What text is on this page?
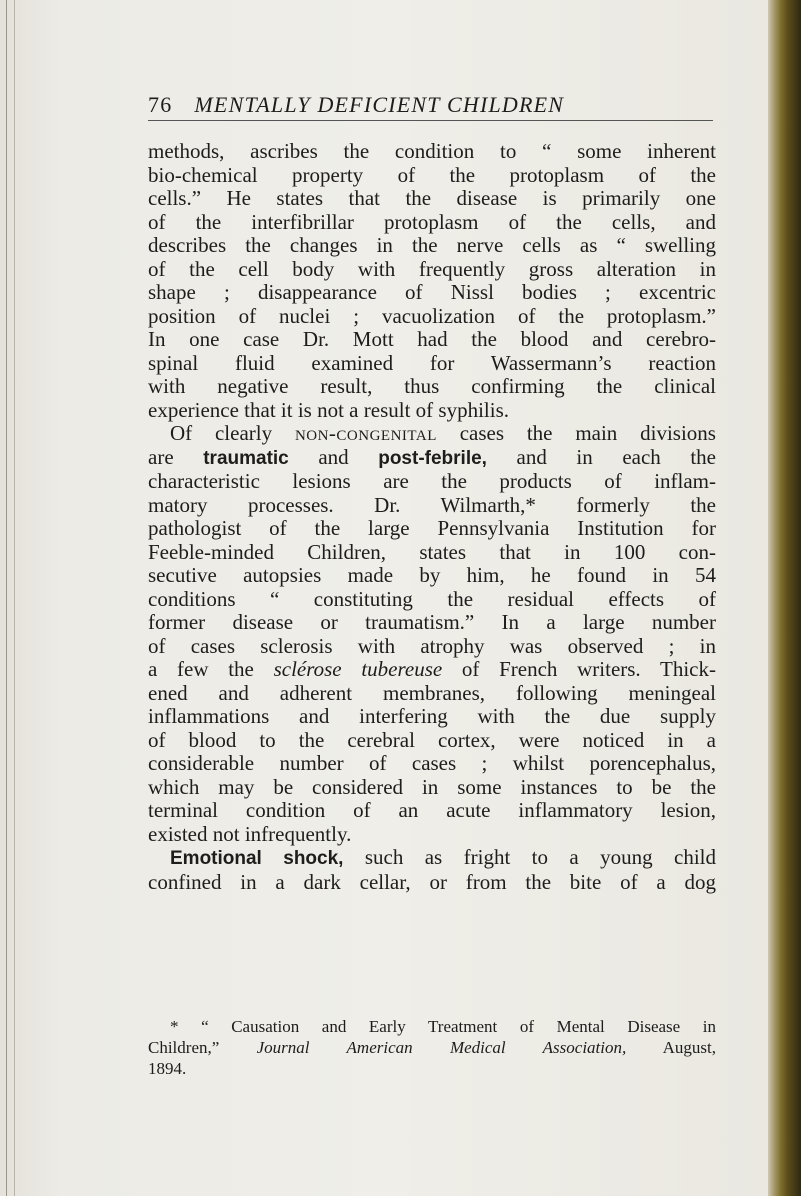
76 MENTALLY DEFICIENT CHILDREN
methods, ascribes the condition to “ some inherent
bio-chemical property of the protoplasm of the
cells.” He states that the disease is primarily one
of the interfibrillar protoplasm of the cells, and
describes the changes in the nerve cells as “ swelling
of the cell body with frequently gross alteration in
shape ; disappearance of Nissl bodies ; excentric
position of nuclei ; vacuolization of the protoplasm.”
In one case Dr. Mott had the blood and cerebro-
spinal fluid examined for Wassermann’s reaction
with negative result, thus confirming the clinical
experience that it is not a result of syphilis.
Of clearly non-congenital cases the main divisions
are traumatic and post-febrile, and in each the
characteristic lesions are the products of inflam-
matory processes. Dr. Wilmarth,* formerly the
pathologist of the large Pennsylvania Institution for
Feeble-minded Children, states that in 100 con-
secutive autopsies made by him, he found in 54
conditions “ constituting the residual effects of
former disease or traumatism.” In a large number
of cases sclerosis with atrophy was observed ; in
a few the sclérose tubereuse of French writers. Thick-
ened and adherent membranes, following meningeal
inflammations and interfering with the due supply
of blood to the cerebral cortex, were noticed in a
considerable number of cases ; whilst porencephalus,
which may be considered in some instances to be the
terminal condition of an acute inflammatory lesion,
existed not infrequently.
Emotional shock, such as fright to a young child
confined in a dark cellar, or from the bite of a dog
* “ Causation and Early Treatment of Mental Disease in
Children,” Journal American Medical Association, August,
1894.
